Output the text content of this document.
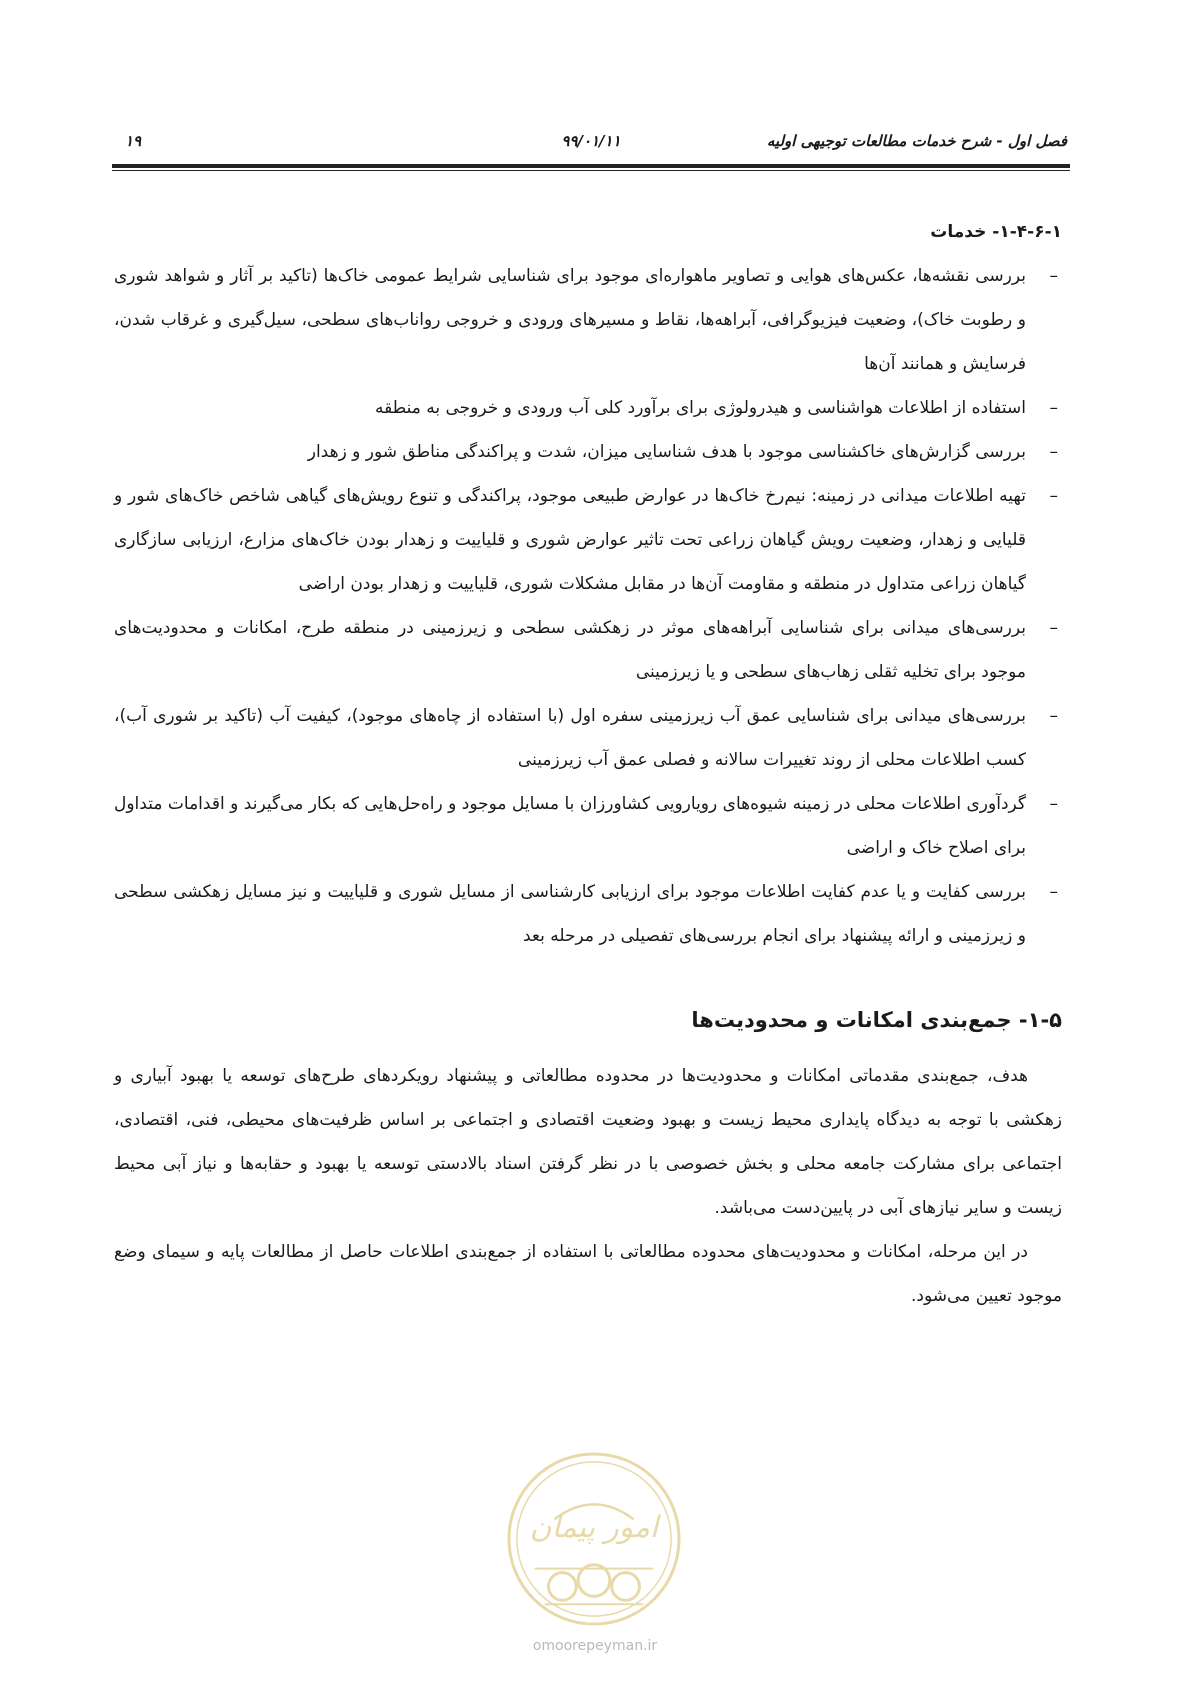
فصل اول - شرح خدمات مطالعات توجیهی اولیه
۹۹/۰۱/۱۱
۱۹
۱-۴-۶-۱- خدمات
–
بررسی نقشه‌ها، عکس‌های هوایی و تصاویر ماهواره‌ای موجود برای شناسایی شرایط عمومی خاک‌ها (تاکید بر آثار و شواهد شوری و رطوبت خاک)، وضعیت فیزیوگرافی، آبراهه‌ها، نقاط و مسیرهای ورودی و خروجی رواناب‌های سطحی، سیل‌گیری و غرقاب شدن، فرسایش و همانند آن‌ها
–
استفاده از اطلاعات هواشناسی و هیدرولوژی برای برآورد کلی آب ورودی و خروجی به منطقه
–
بررسی گزارش‌های خاکشناسی موجود با هدف شناسایی میزان، شدت و پراکندگی مناطق شور و زهدار
–
تهیه اطلاعات میدانی در زمینه: نیم‌رخ خاک‌ها در عوارض طبیعی موجود، پراکندگی و تنوع رویش‌های گیاهی شاخص خاک‌های شور و قلیایی و زهدار، وضعیت رویش گیاهان زراعی تحت تاثیر عوارض شوری و قلیاییت و زهدار بودن خاک‌های مزارع، ارزیابی سازگاری گیاهان زراعی متداول در منطقه و مقاومت آن‌ها در مقابل مشکلات شوری، قلیاییت و زهدار بودن اراضی
–
بررسی‌های میدانی برای شناسایی آبراهه‌های موثر در زهکشی سطحی و زیرزمینی در منطقه طرح، امکانات و محدودیت‌های موجود برای تخلیه ثقلی زهاب‌های سطحی و یا زیرزمینی
–
بررسی‌های میدانی برای شناسایی عمق آب زیرزمینی سفره اول (با استفاده از چاه‌های موجود)، کیفیت آب (تاکید بر شوری آب)، کسب اطلاعات محلی از روند تغییرات سالانه و فصلی عمق آب زیرزمینی
–
گردآوری اطلاعات محلی در زمینه شیوه‌های رویارویی کشاورزان با مسایل موجود و راه‌حل‌هایی که بکار می‌گیرند و اقدامات متداول برای اصلاح خاک و اراضی
–
بررسی کفایت و یا عدم کفایت اطلاعات موجود برای ارزیابی کارشناسی از مسایل شوری و قلیاییت و نیز مسایل زهکشی سطحی و زیرزمینی و ارائه پیشنهاد برای انجام بررسی‌های تفصیلی در مرحله بعد
۱-۵- جمع‌بندی امکانات و محدودیت‌ها

هدف، جمع‌بندی مقدماتی امکانات و محدودیت‌ها در محدوده مطالعاتی و پیشنهاد رویکردهای طرح‌های توسعه یا بهبود آبیاری و زهکشی با توجه به دیدگاه پایداری محیط زیست و بهبود وضعیت اقتصادی و اجتماعی بر اساس ظرفیت‌های محیطی، فنی، اقتصادی، اجتماعی برای مشارکت جامعه محلی و بخش خصوصی با در نظر گرفتن اسناد بالادستی توسعه یا بهبود و حقابه‌ها و نیاز آبی محیط زیست و سایر نیازهای آبی در پایین‌دست می‌باشد.

در این مرحله، امکانات و محدودیت‌های محدوده مطالعاتی با استفاده از جمع‌بندی اطلاعات حاصل از مطالعات پایه و سیمای وضع موجود تعیین می‌شود.

امور پیمان
omoorepeyman.ir
